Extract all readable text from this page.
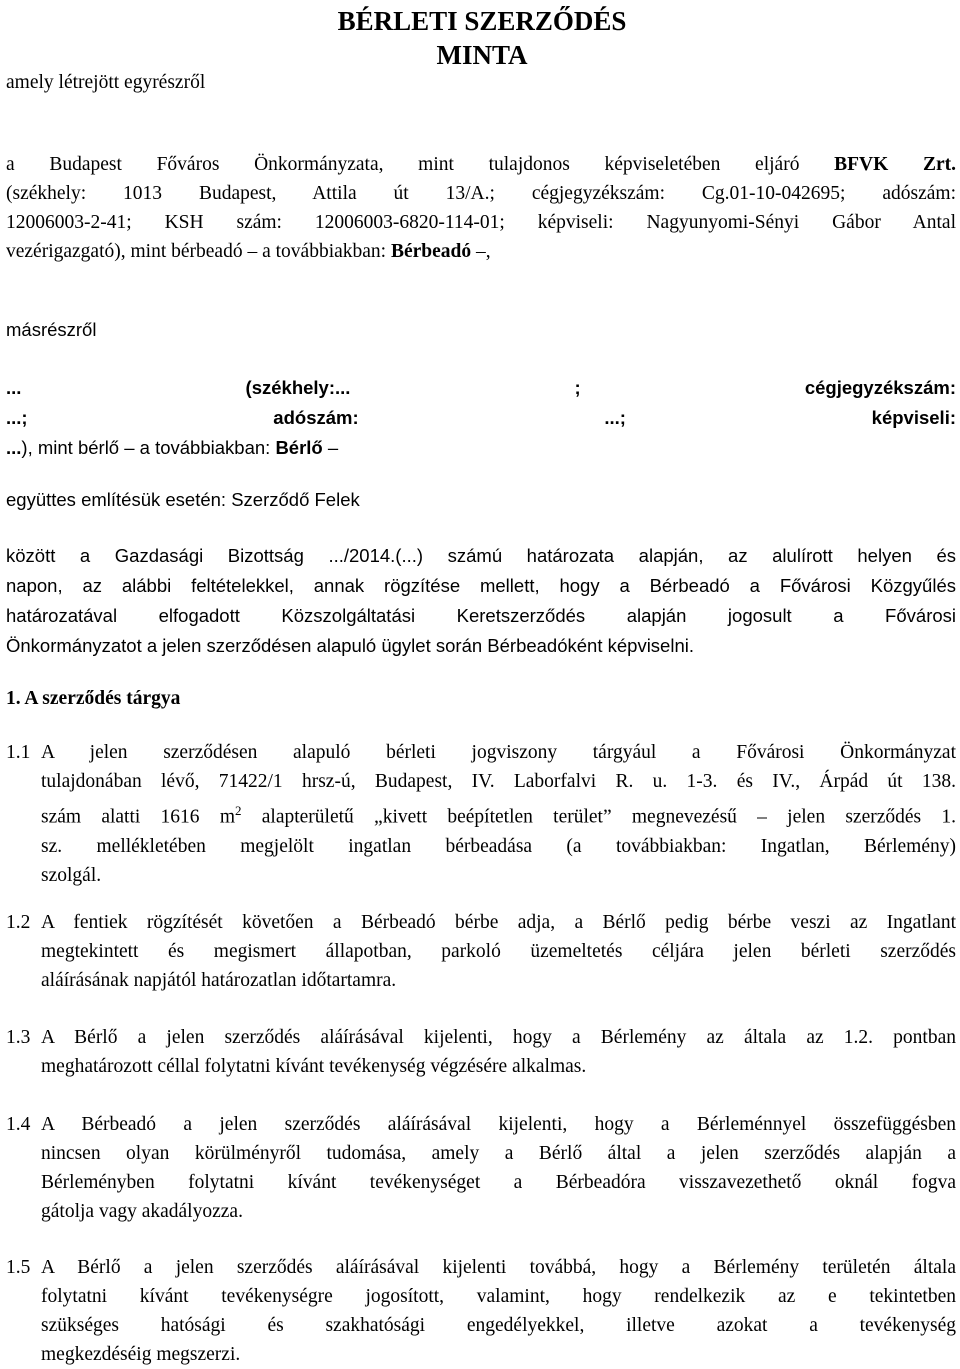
BÉRLETI SZERZŐDÉS
MINTA
amely létrejött egyrészről
a Budapest Főváros Önkormányzata, mint tulajdonos képviseletében eljáró BFVK Zrt.
(székhely: 1013 Budapest, Attila út 13/A.; cégjegyzékszám: Cg.01-10-042695; adószám:
12006003-2-41; KSH szám: 12006003-6820-114-01; képviseli: Nagyunyomi-Sényi Gábor Antal
vezérigazgató), mint bérbeadó – a továbbiakban: Bérbeadó –,
másrészről
... (székhely:... ; cégjegyzékszám:
...; adószám: ...; képviseli:
...), mint bérlő – a továbbiakban: Bérlő –
együttes említésük esetén: Szerződő Felek
között a Gazdasági Bizottság .../2014.(...) számú határozata alapján, az alulírott helyen és
napon, az alábbi feltételekkel, annak rögzítése mellett, hogy a Bérbeadó a Fővárosi Közgyűlés
határozatával elfogadott Közszolgáltatási Keretszerződés alapján jogosult a Fővárosi
Önkormányzatot a jelen szerződésen alapuló ügylet során Bérbeadóként képviselni.
1. A szerződés tárgya
1.1 A jelen szerződésen alapuló bérleti jogviszony tárgyául a Fővárosi Önkormányzat
tulajdonában lévő, 71422/1 hrsz-ú, Budapest, IV. Laborfalvi R. u. 1-3. és IV., Árpád út 138.
szám alatti 1616 $m^2$ alapterületű „kivett beépítetlen terület” megnevezésű – jelen szerződés 1.
sz. mellékletében megjelölt ingatlan bérbeadása (a továbbiakban: Ingatlan, Bérlemény)
szolgál.
1.2 A fentiek rögzítését követően a Bérbeadó bérbe adja, a Bérlő pedig bérbe veszi az Ingatlant
megtekintett és megismert állapotban, parkoló üzemeltetés céljára jelen bérleti szerződés
aláírásának napjától határozatlan időtartamra.
1.3 A Bérlő a jelen szerződés aláírásával kijelenti, hogy a Bérlemény az általa az 1.2. pontban
meghatározott céllal folytatni kívánt tevékenység végzésére alkalmas.
1.4 A Bérbeadó a jelen szerződés aláírásával kijelenti, hogy a Bérleménnyel összefüggésben
nincsen olyan körülményről tudomása, amely a Bérlő által a jelen szerződés alapján a
Bérleményben folytatni kívánt tevékenységet a Bérbeadóra visszavezethető oknál fogva
gátolja vagy akadályozza.
1.5 A Bérlő a jelen szerződés aláírásával kijelenti továbbá, hogy a Bérlemény területén általa
folytatni kívánt tevékenységre jogosított, valamint, hogy rendelkezik az e tekintetben
szükséges hatósági és szakhatósági engedélyekkel, illetve azokat a tevékenység
megkezdéséig megszerzi.
